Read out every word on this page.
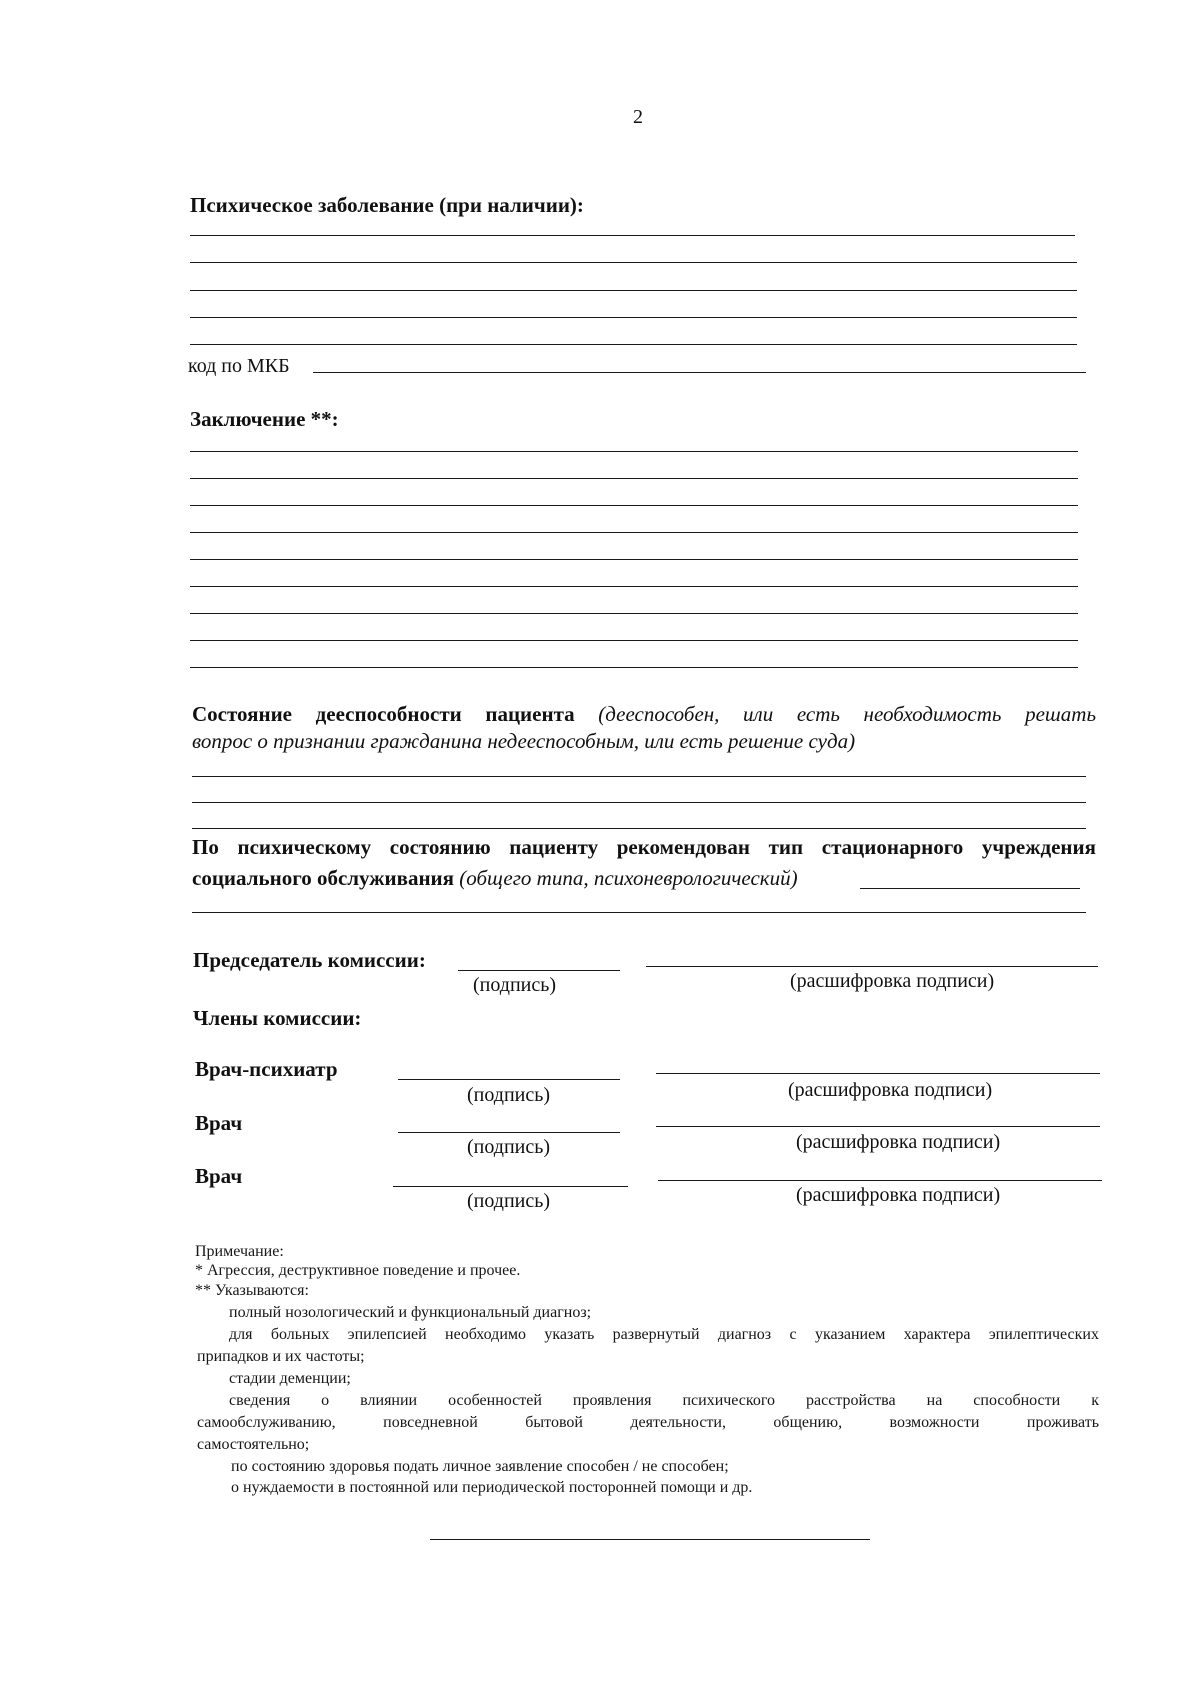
2
Психическое заболевание (при наличии):
код по МКБ
Заключение **:
Состояние дееспособности пациента (дееспособен, или есть необходимость решать
вопрос о признании гражданина недееспособным, или есть решение суда)
По психическому состоянию пациенту рекомендован тип стационарного учреждения
социального обслуживания (общего типа, психоневрологический)
Председатель комиссии:
(подпись)	(расшифровка подписи)
Члены комиссии:
Врач-психиатр
(подпись)	(расшифровка подписи)
Врач
(подпись)	(расшифровка подписи)
Врач
(подпись)	(расшифровка подписи)
Примечание:
* Агрессия, деструктивное поведение и прочее.
** Указываются:
полный нозологический и функциональный диагноз;
для больных эпилепсией необходимо указать развернутый диагноз с указанием характера эпилептических
припадков и их частоты;
стадии деменции;
сведения о влиянии особенностей проявления психического расстройства на способности к
самообслуживанию, повседневной бытовой деятельности, общению, возможности проживать
самостоятельно;
по состоянию здоровья подать личное заявление способен / не способен;
о нуждаемости в постоянной или периодической посторонней помощи и др.
